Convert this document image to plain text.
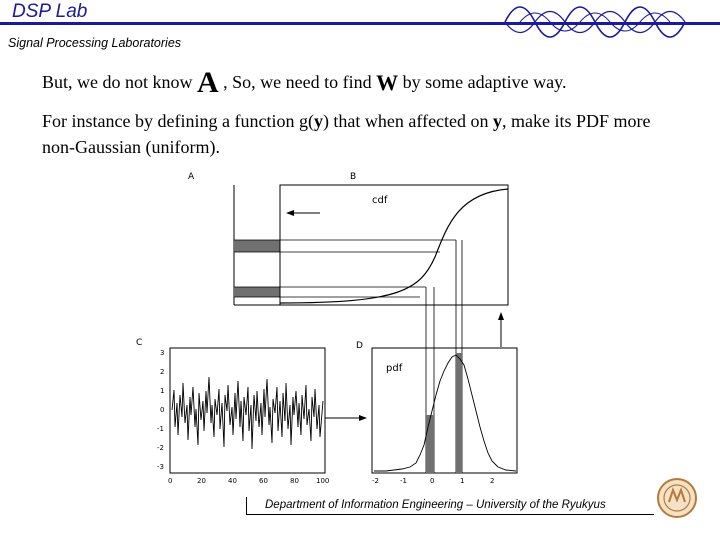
DSP Lab
Signal Processing Laboratories
But, we do not know A , So, we need to find W by some adaptive way.
For instance by defining a function g(y) that when affected on y, make its PDF more non-Gaussian (uniform).
A	B
C	D
cdf
3
2
1
0
-1
-2
-3
0	20	40	60	80 100
pdf
-2	-1	0	1	2
Department of Information Engineering – University of the Ryukyus
